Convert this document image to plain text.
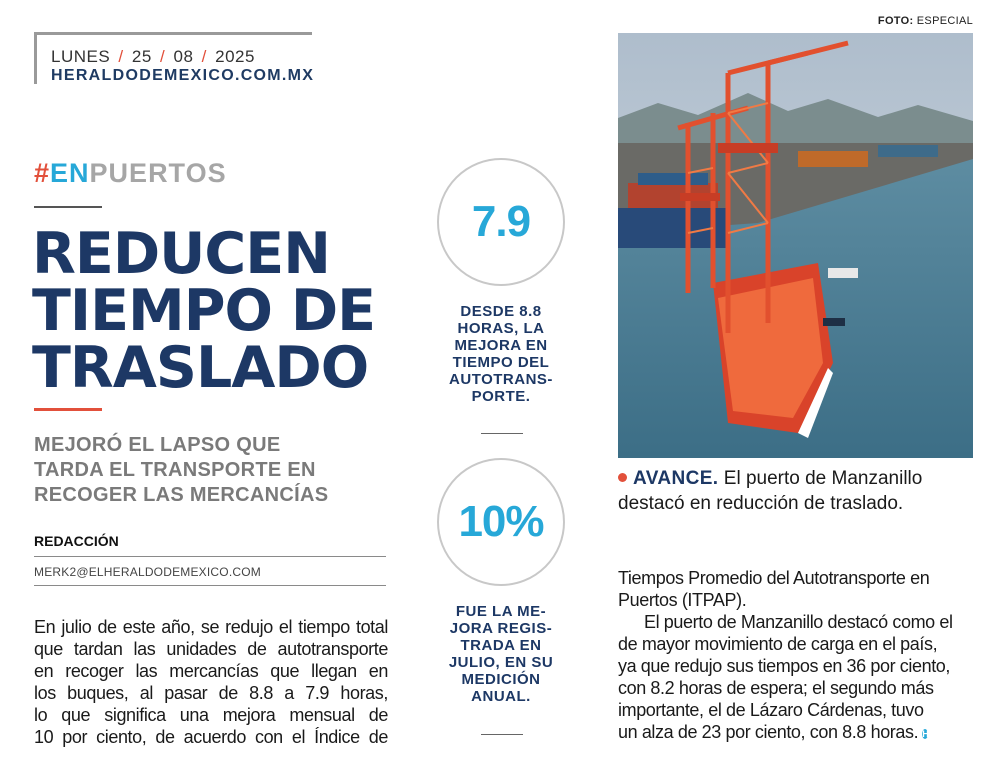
LUNES / 25 / 08 / 2025
HERALDODEMEXICO.COM.MX
#ENPUERTOS
REDUCEN
TIEMPO DE
TRASLADO
MEJORÓ EL LAPSO QUE
TARDA EL TRANSPORTE EN
RECOGER LAS MERCANCÍAS
REDACCIÓN
MERK2@ELHERALDODEMEXICO.COM
En julio de este año, se redujo el tiempo total
que tardan las unidades de autotransporte
en recoger las mercancías que llegan en
los buques, al pasar de 8.8 a 7.9 horas,
lo que significa una mejora mensual de
10 por ciento, de acuerdo con el Índice de
7.9
DESDE 8.8
HORAS, LA
MEJORA EN
TIEMPO DEL
AUTOTRANS-
PORTE.
10%
FUE LA ME-
JORA REGIS-
TRADA EN
JULIO, EN SU
MEDICIÓN
ANUAL.
FOTO: ESPECIAL
AVANCE. El puerto de Manzanillo
destacó en reducción de traslado.
Tiempos Promedio del Autotransporte en
Puertos (ITPAP).
El puerto de Manzanillo destacó como el
de mayor movimiento de carga en el país,
ya que redujo sus tiempos en 36 por ciento,
con 8.2 horas de espera; el segundo más
importante, el de Lázaro Cárdenas, tuvo
un alza de 23 por ciento, con 8.8 horas. H
